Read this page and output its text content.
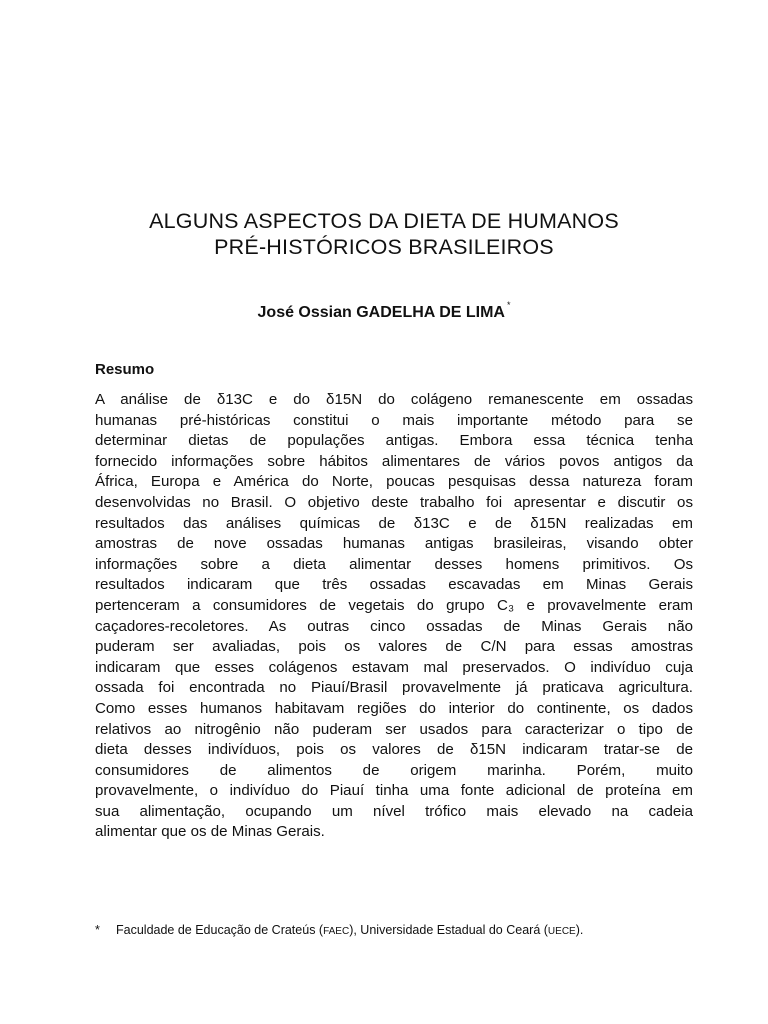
ALGUNS ASPECTOS DA DIETA DE HUMANOS
PRÉ-HISTÓRICOS BRASILEIROS
José Ossian GADELHA DE LIMA *
Resumo
A análise de δ13C e do δ15N do colágeno remanescente em ossadas
humanas pré-históricas constitui o mais importante método para se
determinar dietas de populações antigas. Embora essa técnica tenha
fornecido informações sobre hábitos alimentares de vários povos antigos da
África, Europa e América do Norte, poucas pesquisas dessa natureza foram
desenvolvidas no Brasil. O objetivo deste trabalho foi apresentar e discutir os
resultados das análises químicas de δ13C e de δ15N realizadas em
amostras de nove ossadas humanas antigas brasileiras, visando obter
informações sobre a dieta alimentar desses homens primitivos. Os
resultados indicaram que três ossadas escavadas em Minas Gerais
pertenceram a consumidores de vegetais do grupo C₃ e provavelmente eram
caçadores-recoletores. As outras cinco ossadas de Minas Gerais não
puderam ser avaliadas, pois os valores de C/N para essas amostras
indicaram que esses colágenos estavam mal preservados. O indivíduo cuja
ossada foi encontrada no Piauí/Brasil provavelmente já praticava agricultura.
Como esses humanos habitavam regiões do interior do continente, os dados
relativos ao nitrogênio não puderam ser usados para caracterizar o tipo de
dieta desses indivíduos, pois os valores de δ15N indicaram tratar-se de
consumidores de alimentos de origem marinha. Porém, muito
provavelmente, o indivíduo do Piauí tinha uma fonte adicional de proteína em
sua alimentação, ocupando um nível trófico mais elevado na cadeia
alimentar que os de Minas Gerais.
* Faculdade de Educação de Crateús (FAEC), Universidade Estadual do Ceará (UECE).
